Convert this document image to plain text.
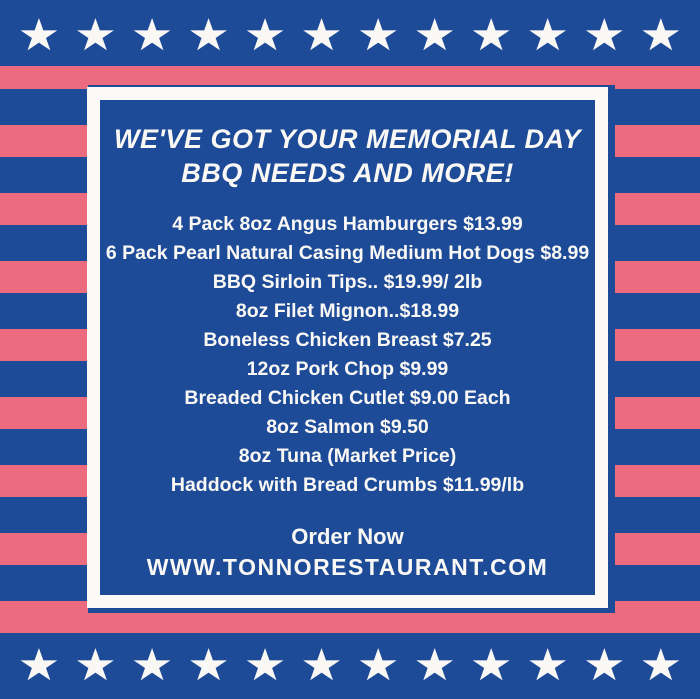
★ ★ ★ ★ ★ ★ ★ ★ ★ ★ ★ ★
WE'VE GOT YOUR MEMORIAL DAY
BBQ NEEDS AND MORE!
4 Pack 8oz Angus Hamburgers $13.99
6 Pack Pearl Natural Casing Medium Hot Dogs $8.99
BBQ Sirloin Tips.. $19.99/ 2lb
8oz Filet Mignon..$18.99
Boneless Chicken Breast $7.25
12oz Pork Chop $9.99
Breaded Chicken Cutlet $9.00 Each
8oz Salmon $9.50
8oz Tuna (Market Price)
Haddock with Bread Crumbs $11.99/lb
Order Now
WWW.TONNORESTAURANT.COM
★ ★ ★ ★ ★ ★ ★ ★ ★ ★ ★ ★
